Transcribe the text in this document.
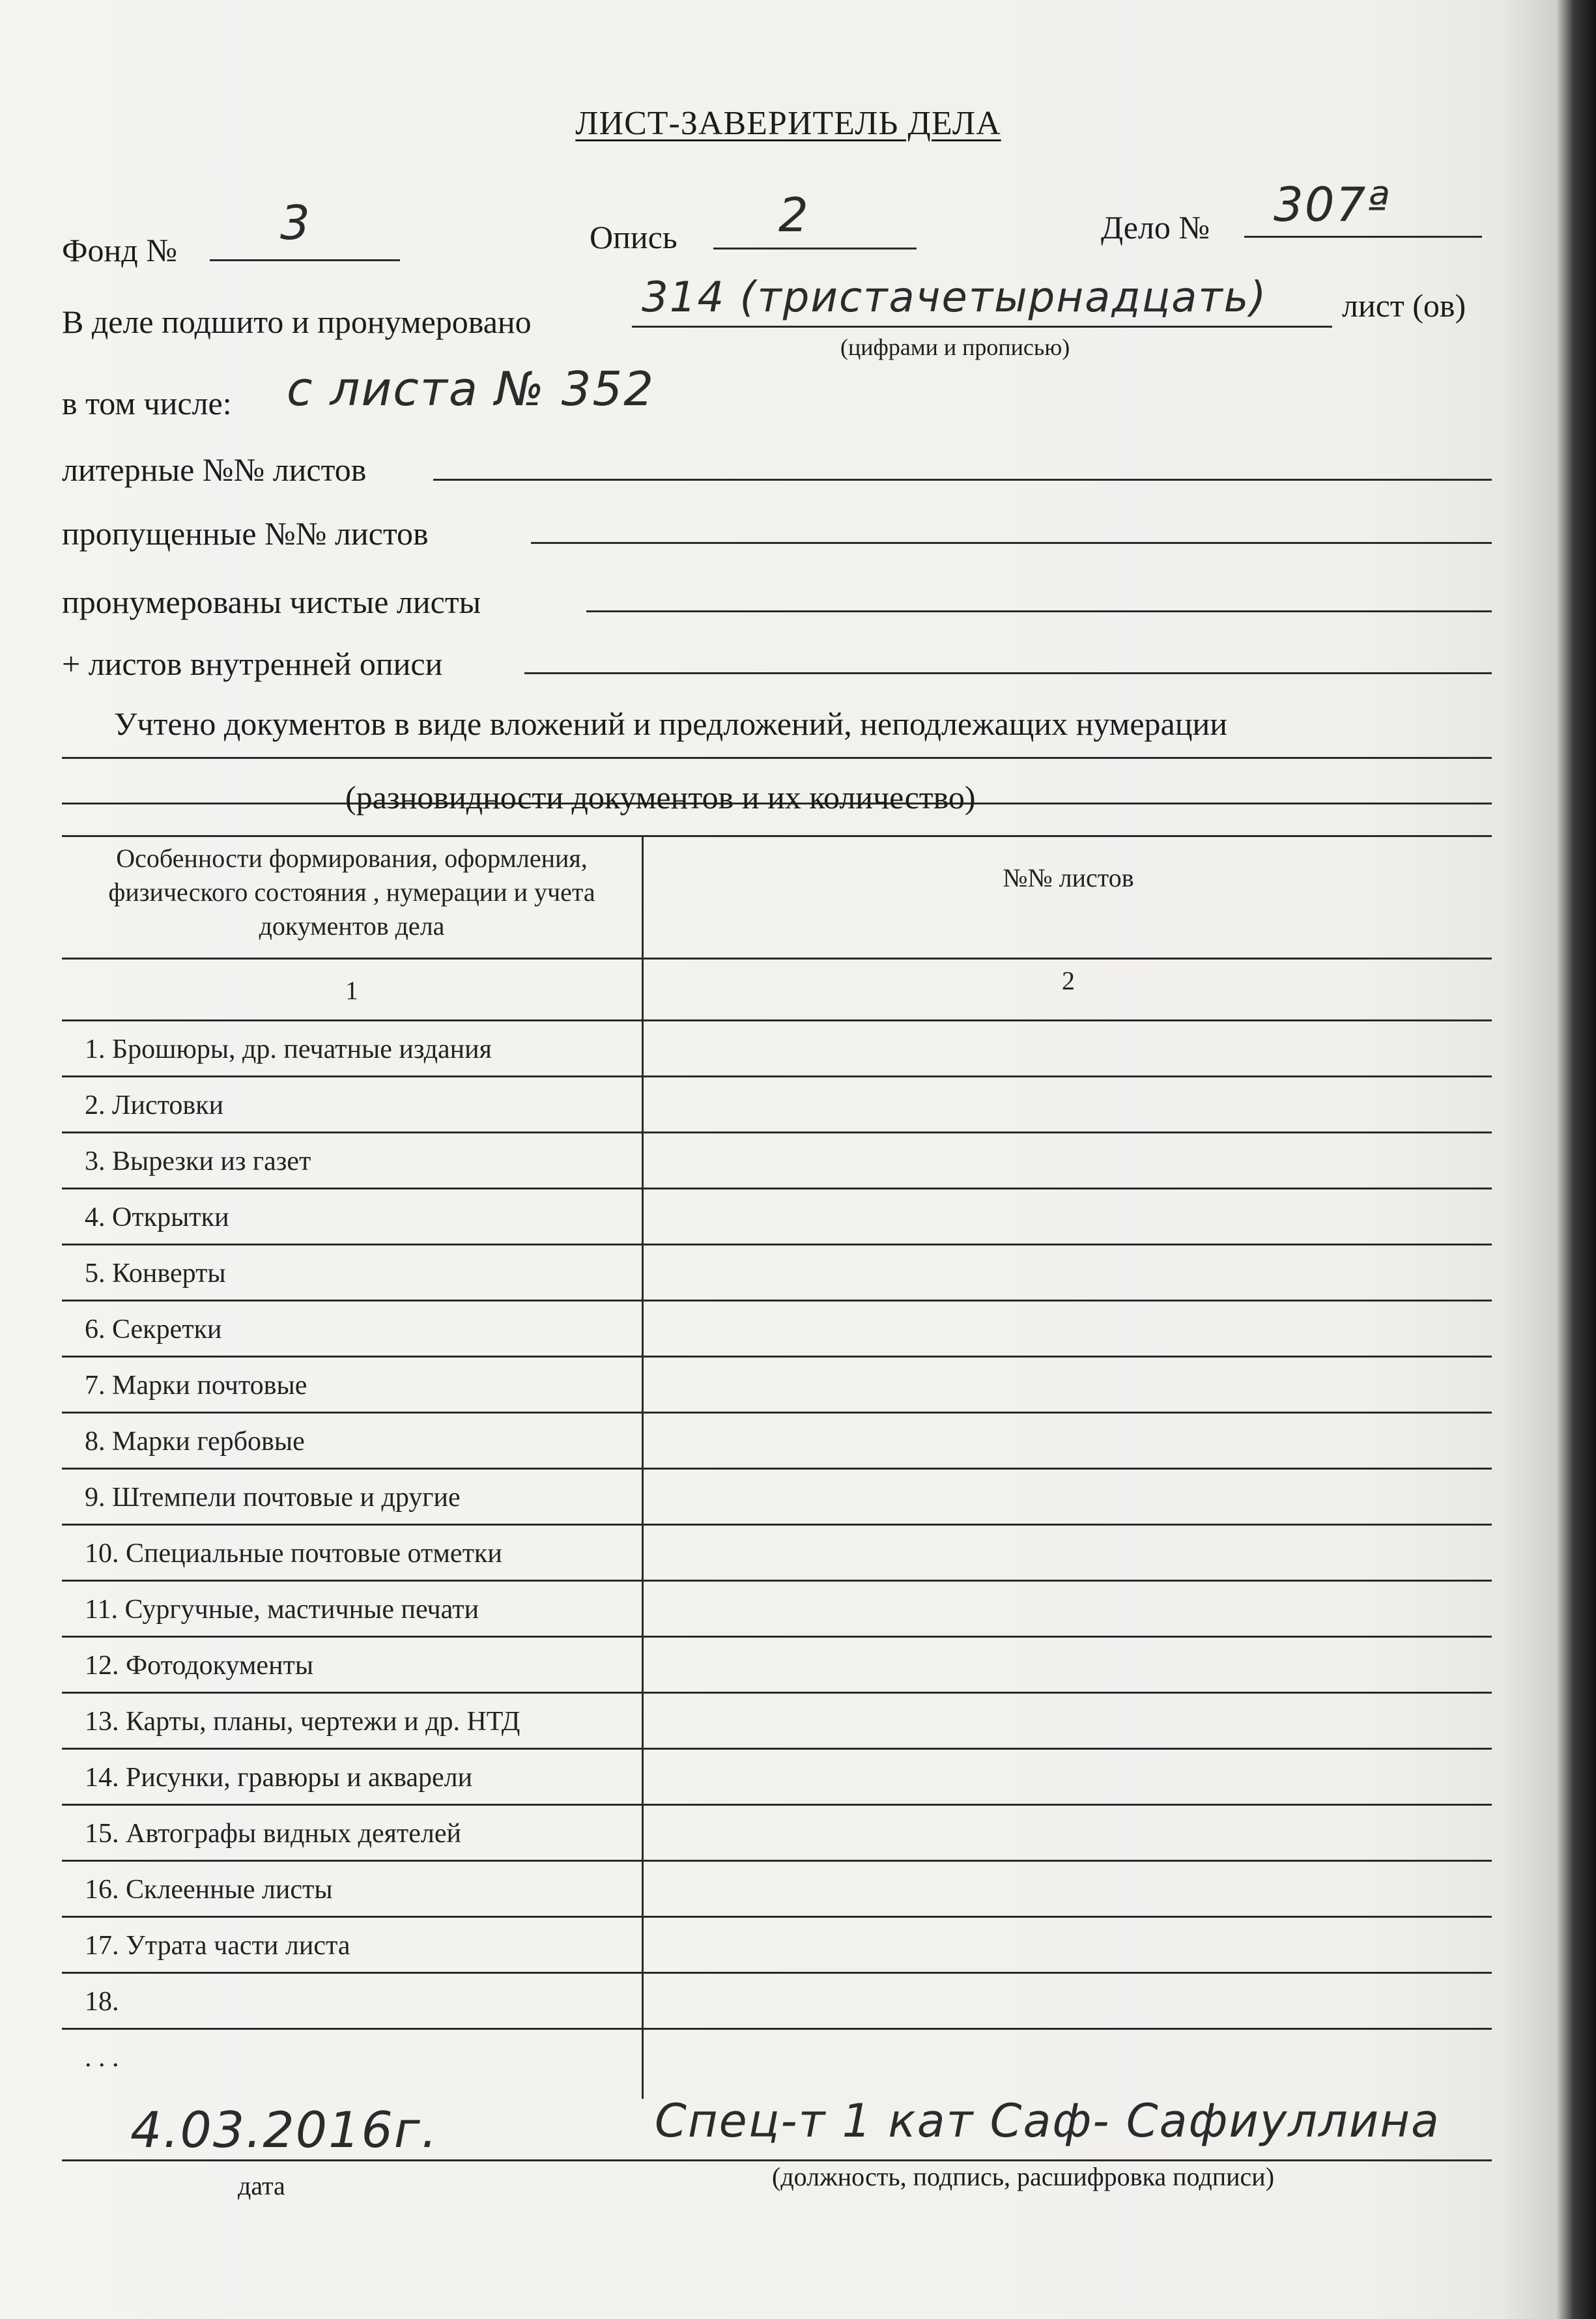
ЛИСТ-ЗАВЕРИТЕЛЬ ДЕЛА
Фонд № 3	Опись 2	Дело № 307ª
В деле подшито и пронумеровано	314 (тристачетырнадцать) лист (ов)
(цифрами и прописью)
в том числе: с листа № 352
литерные №№ листов
пропущенные №№ листов
пронумерованы чистые листы
+ листов внутренней описи
Учтено документов в виде вложений и предложений, неподлежащих нумерации
(разновидности документов и их количество)
Особенности формирования, оформления, физического состояния , нумерации и учета документов дела
№№ листов
1	2
1. Брошюры, др. печатные издания
2. Листовки
3. Вырезки из газет
4. Открытки
5. Конверты
6. Секретки
7. Марки почтовые
8. Марки гербовые
9. Штемпели почтовые и другие
10. Специальные почтовые отметки
11. Сургучные, мастичные печати
12. Фотодокументы
13. Карты, планы, чертежи и др. НТД
14. Рисунки, гравюры и акварели
15. Автографы видных деятелей
16. Склеенные листы
17. Утрата части листа
18.
. . .
4.03.2016г.
дата
Спец-т 1 кат Саф- Сафиуллина
(должность, подпись, расшифровка подписи)
